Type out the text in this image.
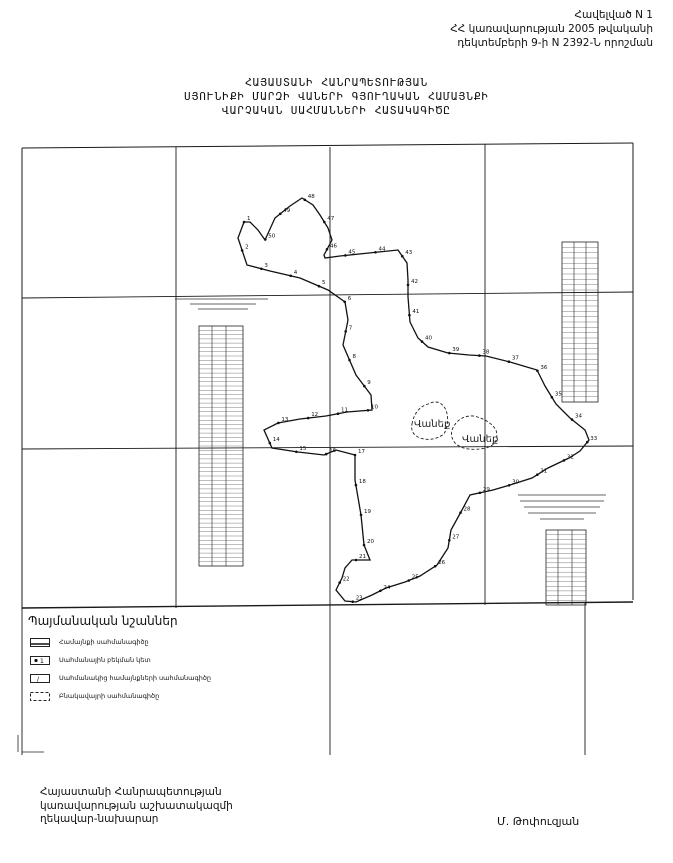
Հավելված N 1
ՀՀ կառավարության 2005 թվականի
դեկտեմբերի 9-ի N 2392-Ն որոշման
ՀԱՅԱՍՏԱՆԻ ՀԱՆՐԱՊԵՏՈՒԹՅԱՆ
ՍՅՈՒՆԻՔԻ ՄԱՐԶԻ ՎԱՆԵՐԻ ԳՅՈՒՂԱԿԱՆ ՀԱՄԱՅՆՔԻ
ՎԱՐՉԱԿԱՆ ՍԱՀՄԱՆՆԵՐԻ ՀԱՏԱԿԱԳԻԾԸ
Վանեք
Վանեք
1
2
3
4
5
6
7
8
9
10
11
12
13
14
15	16	17
18
19
20
21
22
23
24
25
26
27
28
29
30
31
32
33
34
35
36
37
38
39
40
41
42
43
44
45
46
47
48
49
50
Պայմանական նշաններ
Համայնքի սահմանագիծը
1 Սահմանային բեկման կետ
/	Սահմանակից համայնքների սահմանագիծը
Բնակավայրի սահմանագիծը
Հայաստանի Հանրապետության
կառավարության աշխատակազմի
ղեկավար-նախարար	Մ. Թոփուզյան
